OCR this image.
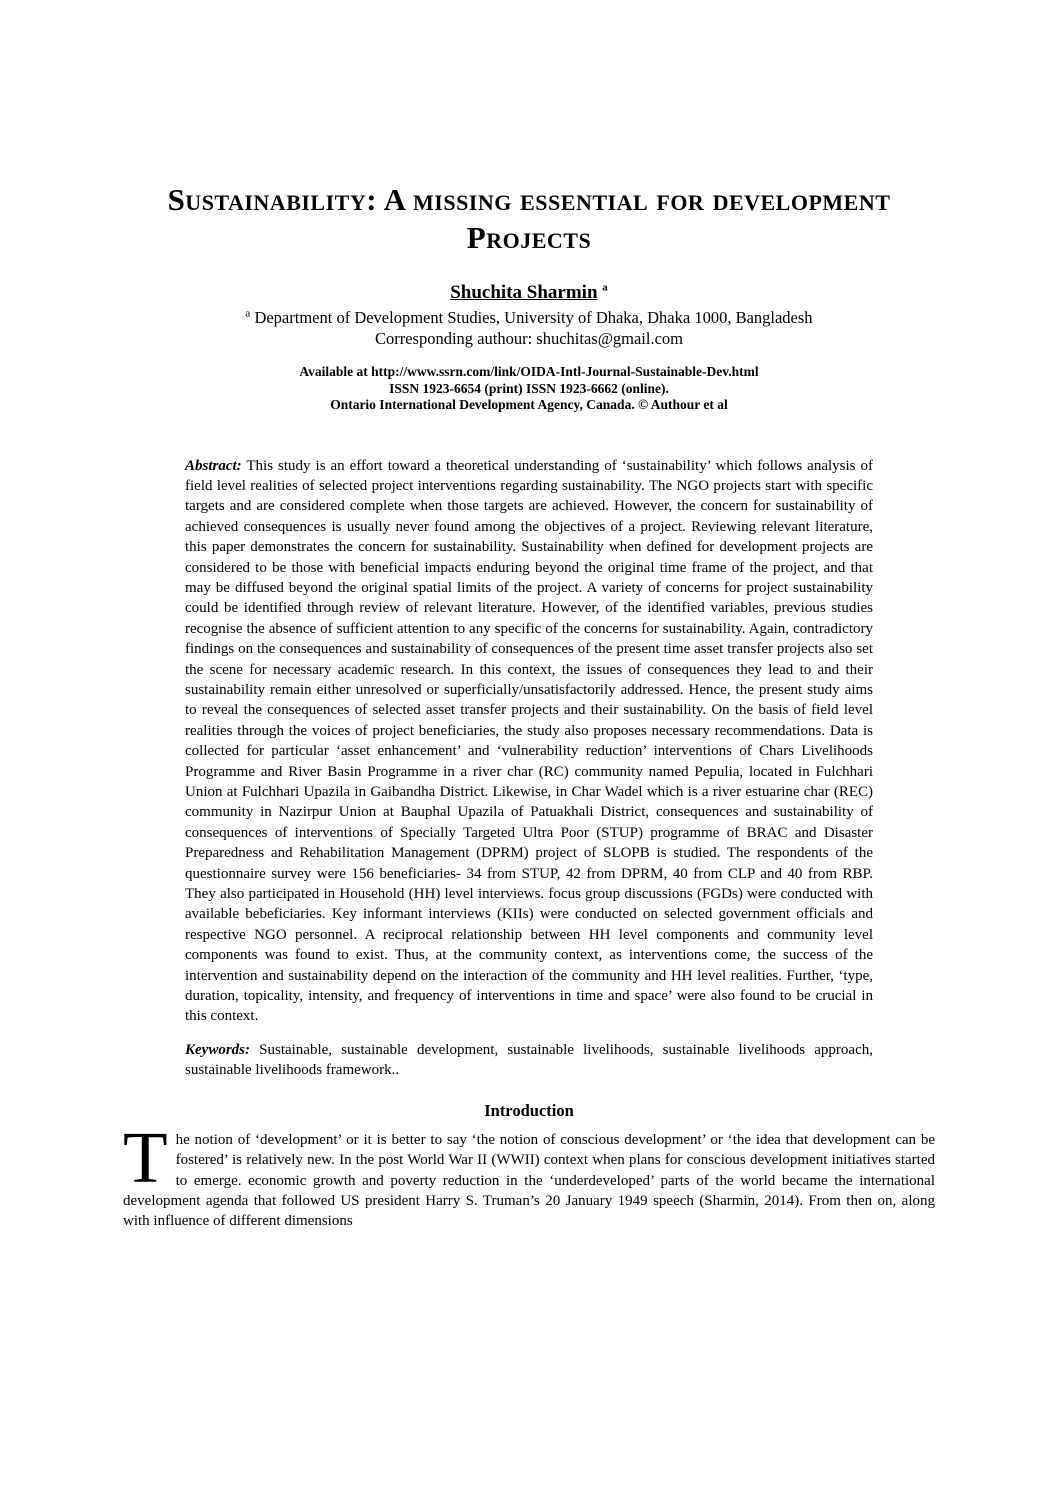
Sustainability: A missing essential for development
Projects
Shuchita Sharmin $^a$
$^a$ Department of Development Studies, University of Dhaka, Dhaka 1000, Bangladesh
Corresponding authour: shuchitas@gmail.com
Available at http://www.ssrn.com/link/OIDA-Intl-Journal-Sustainable-Dev.html
ISSN 1923-6654 (print) ISSN 1923-6662 (online).
Ontario International Development Agency, Canada. © Authour et al

Abstract: This study is an effort toward a theoretical understanding of ‘sustainability’ which follows analysis of field level realities of selected project interventions regarding sustainability. The NGO projects start with specific targets and are considered complete when those targets are achieved. However, the concern for sustainability of achieved consequences is usually never found among the objectives of a project. Reviewing relevant literature, this paper demonstrates the concern for sustainability. Sustainability when defined for development projects are considered to be those with beneficial impacts enduring beyond the original time frame of the project, and that may be diffused beyond the original spatial limits of the project. A variety of concerns for project sustainability could be identified through review of relevant literature. However, of the identified variables, previous studies recognise the absence of sufficient attention to any specific of the concerns for sustainability. Again, contradictory findings on the consequences and sustainability of consequences of the present time asset transfer projects also set the scene for necessary academic research. In this context, the issues of consequences they lead to and their sustainability remain either unresolved or superficially/unsatisfactorily addressed. Hence, the present study aims to reveal the consequences of selected asset transfer projects and their sustainability. On the basis of field level realities through the voices of project beneficiaries, the study also proposes necessary recommendations. Data is collected for particular ‘asset enhancement’ and ‘vulnerability reduction’ interventions of Chars Livelihoods Programme and River Basin Programme in a river char (RC) community named Pepulia, located in Fulchhari Union at Fulchhari Upazila in Gaibandha District. Likewise, in Char Wadel which is a river estuarine char (REC) community in Nazirpur Union at Bauphal Upazila of Patuakhali District, consequences and sustainability of consequences of interventions of Specially Targeted Ultra Poor (STUP) programme of BRAC and Disaster Preparedness and Rehabilitation Management (DPRM) project of SLOPB is studied. The respondents of the questionnaire survey were 156 beneficiaries- 34 from STUP, 42 from DPRM, 40 from CLP and 40 from RBP. They also participated in Household (HH) level interviews. focus group discussions (FGDs) were conducted with available bebeficiaries. Key informant interviews (KIIs) were conducted on selected government officials and respective NGO personnel. A reciprocal relationship between HH level components and community level components was found to exist. Thus, at the community context, as interventions come, the success of the intervention and sustainability depend on the interaction of the community and HH level realities. Further, ‘type, duration, topicality, intensity, and frequency of interventions in time and space’ were also found to be crucial in this context.

Keywords: Sustainable, sustainable development, sustainable livelihoods, sustainable livelihoods approach, sustainable livelihoods framework..

Introduction

The notion of ‘development’ or it is better to say ‘the notion of conscious development’ or ‘the idea that development can be fostered’ is relatively new. In the post World War II (WWII) context when plans for conscious development initiatives started to emerge. economic growth and poverty reduction in the ‘underdeveloped’ parts of the world became the international development agenda that followed US president Harry S. Truman’s 20 January 1949 speech (Sharmin, 2014). From then on, along with influence of different dimensions
